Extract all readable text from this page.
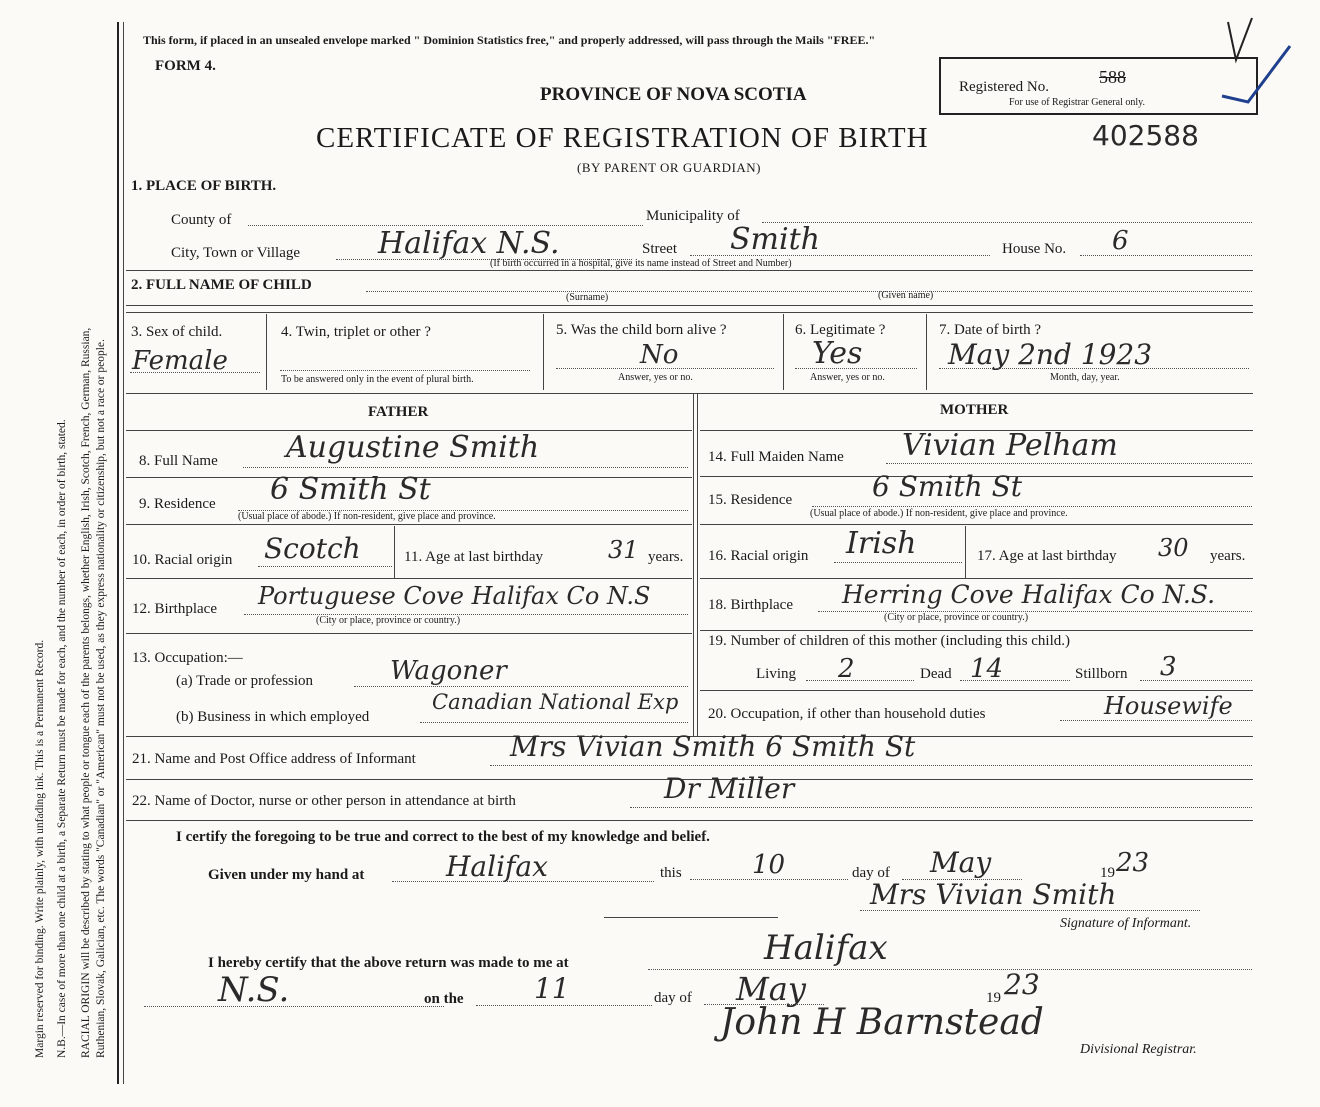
Margin reserved for binding. Write plainly, with unfading ink. This is a Permanent Record. N.B.—In case of more than one child at a birth, a Separate Return must be made for each, and the number of each, in order of birth, stated. RACIAL ORIGIN will be described by stating to what people or tongue each of the parents belongs, whether English, Irish, Scotch, French, German, Russian, Ruthenian, Slovak, Galician, etc. The words "Canadian" or "American" must not be used, as they express nationality or citizenship, but not a race or people.
This form, if placed in an unsealed envelope marked " Dominion Statistics free," and properly addressed, will pass through the Mails "FREE."
FORM 4.
PROVINCE OF NOVA SCOTIA
CERTIFICATE OF REGISTRATION OF BIRTH	402588
(BY PARENT OR GUARDIAN)
Registered No.	588
For use of Registrar General only.
1. PLACE OF BIRTH.
County of	Municipality of
City, Town or Village	Halifax N.S.	Street Smith
(If birth occurred in a hospital, give its name instead of Street and Number)
House No. 6
2. FULL NAME OF CHILD
(Surname)	(Given name)
3. Sex of child.
Female
4. Twin, triplet or other ?
To be answered only in the event of plural birth.
5. Was the child born alive ?
No
Answer, yes or no.
6. Legitimate ?
Yes
Answer, yes or no.
7. Date of birth ?
May 2nd 1923
Month, day, year.
FATHER
8. Full Name Augustine Smith
9. Residence 6 Smith St
(Usual place of abode.) If non-resident, give place and province.
10. Racial origin Scotch	11. Age at last birthday	31 years.
12. Birthplace Portuguese Cove Halifax Co N.S
(City or place, province or country.)
13. Occupation:—
(a) Trade or profession	Wagoner
(b) Business in which employed
Canadian National Exp
MOTHER
14. Full Maiden Name Vivian Pelham
15. Residence	6 Smith St
(Usual place of abode.) If non-resident, give place and province.
16. Racial origin Irish	17. Age at last birthday 30 years.
18. Birthplace Herring Cove Halifax Co N.S.
(City or place, province or country.)
19. Number of children of this mother (including this child.)
Living 2	Dead 14	Stillborn 3
20. Occupation, if other than household duties	Housewife
21. Name and Post Office address of Informant	Mrs Vivian Smith 6 Smith St
22. Name of Doctor, nurse or other person in attendance at birth	Dr Miller
I certify the foregoing to be true and correct to the best of my knowledge and belief.
Given under my hand at	Halifax	this	10	day of May	19 23
Mrs Vivian Smith
Signature of Informant.
I hereby certify that the above return was made to me at	Halifax
N.S.	on the	11	day of May	19 23
John H Barnstead
Divisional Registrar.
